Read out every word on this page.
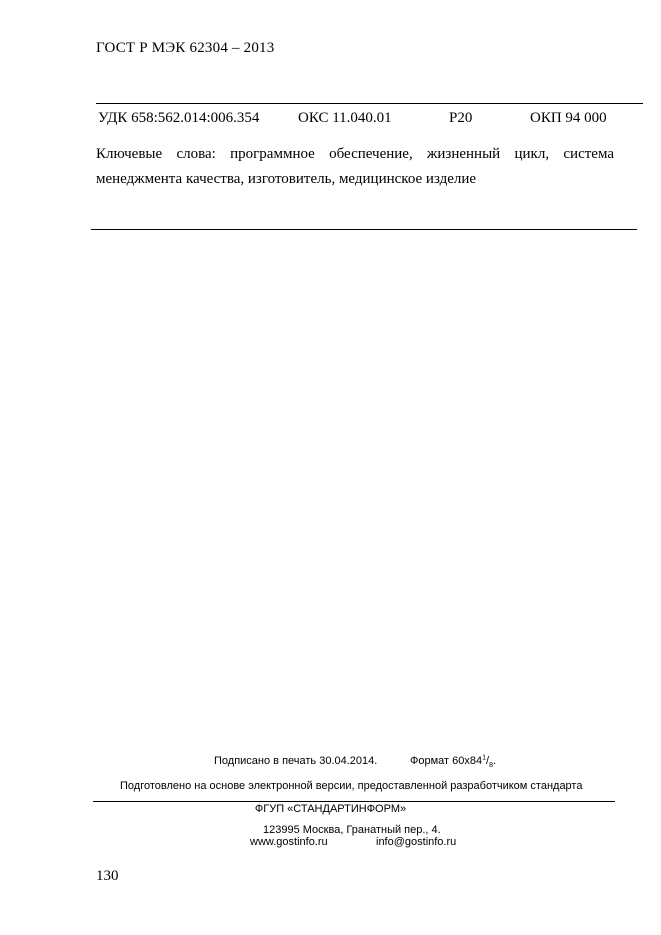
ГОСТ Р МЭК 62304 – 2013
УДК 658:562.014:006.354	ОКС 11.040.01	Р20	ОКП 94 000
Ключевые слова: программное обеспечение, жизненный цикл, система
менеджмента качества, изготовитель, медицинское изделие
Подписано в печать 30.04.2014.	Формат $60x84^1/_8$.
Подготовлено на основе электронной версии, предоставленной разработчиком стандарта
ФГУП «СТАНДАРТИНФОРМ»
123995 Москва, Гранатный пер., 4.
www.gostinfo.ru	info@gostinfo.ru
130
